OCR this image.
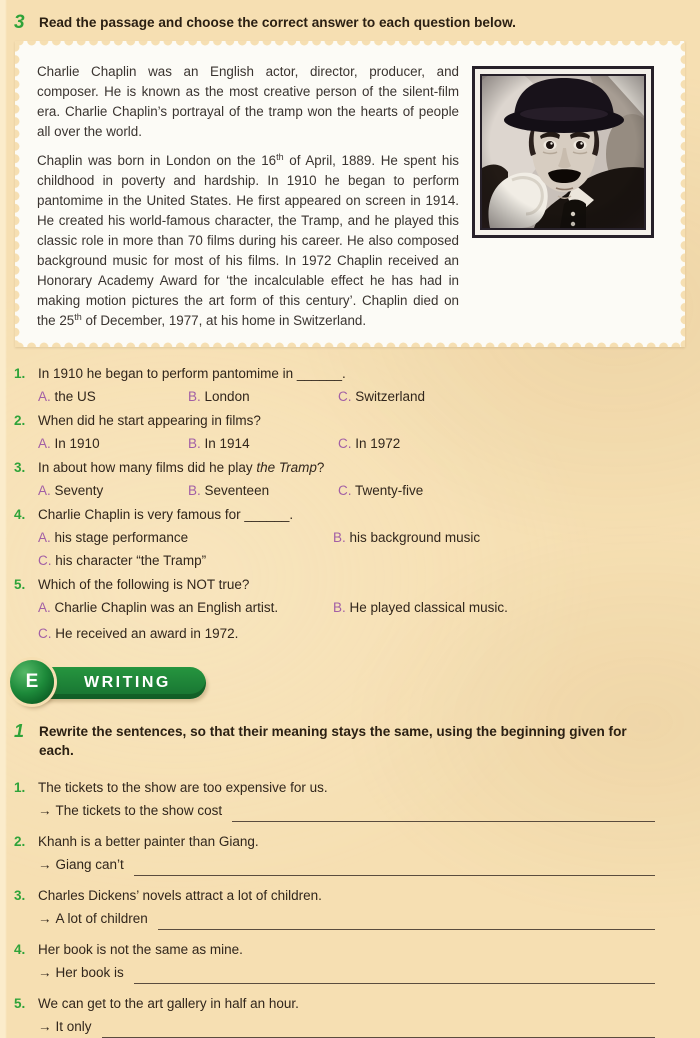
3	Read the passage and choose the correct answer to each question below.

Charlie Chaplin was an English actor, director, producer, and composer. He is known as the most creative person of the silent-film era. Charlie Chaplin’s portrayal of the tramp won the hearts of people all over the world.

Chaplin was born in London on the 16th of April, 1889. He spent his childhood in poverty and hardship. In 1910 he began to perform pantomime in the United States. He first appeared on screen in 1914. He created his world-famous character, the Tramp, and he played this classic role in more than 70 films during his career. He also composed background music for most of his films. In 1972 Chaplin received an Honorary Academy Award for ‘the incalculable effect he has had in making motion pictures the art form of this century’. Chaplin died on the 25th of December, 1977, at his home in Switzerland.

1. In 1910 he began to perform pantomime in ______.
A. the US	B. London	C. Switzerland
2. When did he start appearing in films?
A. In 1910	B. In 1914	C. In 1972
3. In about how many films did he play the Tramp?
A. Seventy	B. Seventeen	C. Twenty-five
4. Charlie Chaplin is very famous for ______.
A. his stage performance	B. his background music
C. his character “the Tramp”
5. Which of the following is NOT true?
A. Charlie Chaplin was an English artist.	B. He played classical music.
C. He received an award in 1972.
WRITING
E
1	Rewrite the sentences, so that their meaning stays the same, using the beginning given for each.
1. The tickets to the show are too expensive for us.
→ The tickets to the show cost
2. Khanh is a better painter than Giang.
→ Giang can’t
3. Charles Dickens’ novels attract a lot of children.
→ A lot of children
4. Her book is not the same as mine.
→ Her book is
5. We can get to the art gallery in half an hour.
→ It only
